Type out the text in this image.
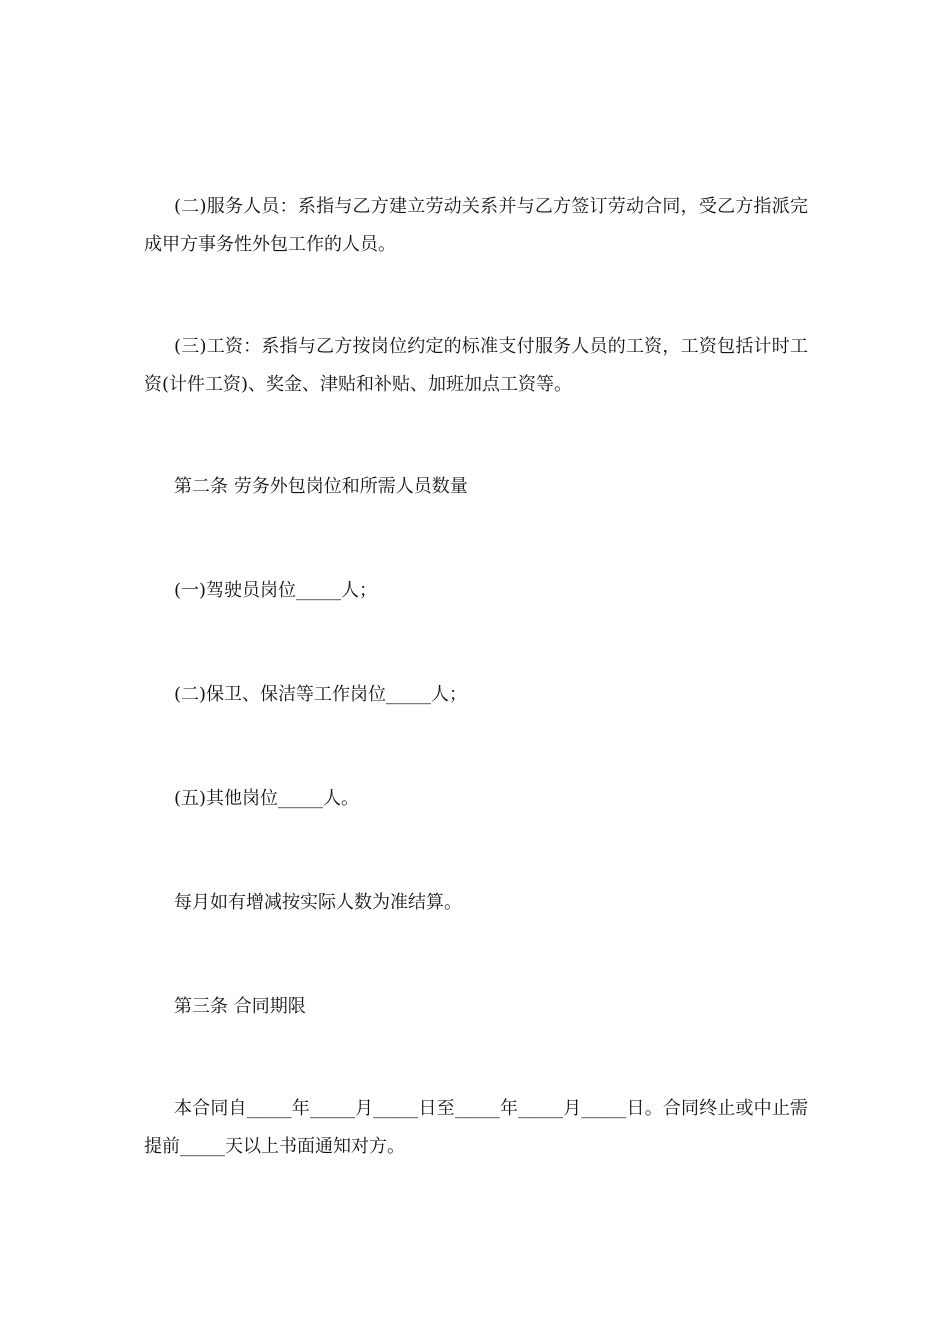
(二)服务人员：系指与乙方建立劳动关系并与乙方签订劳动合同，受乙方指派完成甲方事务性外包工作的人员。

(三)工资：系指与乙方按岗位约定的标准支付服务人员的工资，工资包括计时工资(计件工资)、奖金、津贴和补贴、加班加点工资等。

第二条 劳务外包岗位和所需人员数量

(一)驾驶员岗位_____人；

(二)保卫、保洁等工作岗位_____人；

(五)其他岗位_____人。

每月如有增减按实际人数为准结算。

第三条 合同期限

本合同自_____年_____月_____日至_____年_____月_____日。合同终止或中止需提前_____天以上书面通知对方。
